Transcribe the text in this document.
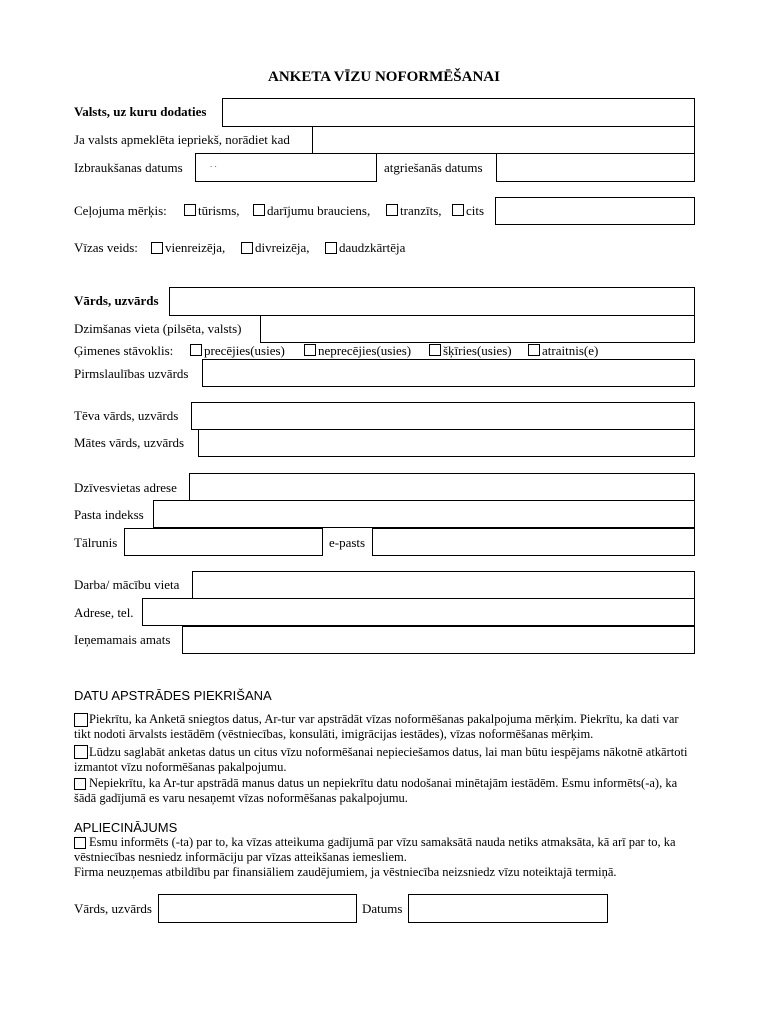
ANKETA VĪZU NOFORMĒŠANAI
Valsts, uz kuru dodaties
Ja valsts apmeklēta iepriekš, norādiet kad
Izbraukšanas datums	. .	atgriešanās datums
Ceļojuma mērķis: tūrisms, darījumu brauciens, tranzīts, cits
Vīzas veids: vienreizēja, divreizēja, daudzkārtēja
Vārds, uzvārds
Dzimšanas vieta (pilsēta, valsts)
Ģimenes stāvoklis: precējies(usies)	neprecējies(usies) šķīries(usies) atraitnis(e)
Pirmslaulības uzvārds
Tēva vārds, uzvārds
Mātes vārds, uzvārds
Dzīvesvietas adrese
Pasta indekss
Tālrunis	e-pasts
Darba/ mācību vieta
Adrese, tel.
Ieņemamais amats
DATU APSTRĀDES PIEKRIŠANA
Piekrītu, ka Anketā sniegtos datus, Ar-tur var apstrādāt vīzas noformēšanas pakalpojuma mērķim. Piekrītu, ka dati var tikt nodoti ārvalsts iestādēm (vēstniecības, konsulāti, imigrācijas iestādes), vīzas noformēšanas mērķim.
Lūdzu saglabāt anketas datus un citus vīzu noformēšanai nepieciešamos datus, lai man būtu iespējams nākotnē atkārtoti izmantot vīzu noformēšanas pakalpojumu.
Nepiekrītu, ka Ar-tur apstrādā manus datus un nepiekrītu datu nodošanai minētajām iestādēm. Esmu informēts(-a), ka šādā gadījumā es varu nesaņemt vīzas noformēšanas pakalpojumu.
APLIECINĀJUMS
Esmu informēts (-ta) par to, ka vīzas atteikuma gadījumā par vīzu samaksātā nauda netiks atmaksāta, kā arī par to, ka vēstniecības nesniedz informāciju par vīzas atteikšanas iemesliem.
Firma neuzņemas atbildību par finansiāliem zaudējumiem, ja vēstniecība neizsniedz vīzu noteiktajā termiņā.
Vārds, uzvārds	Datums
